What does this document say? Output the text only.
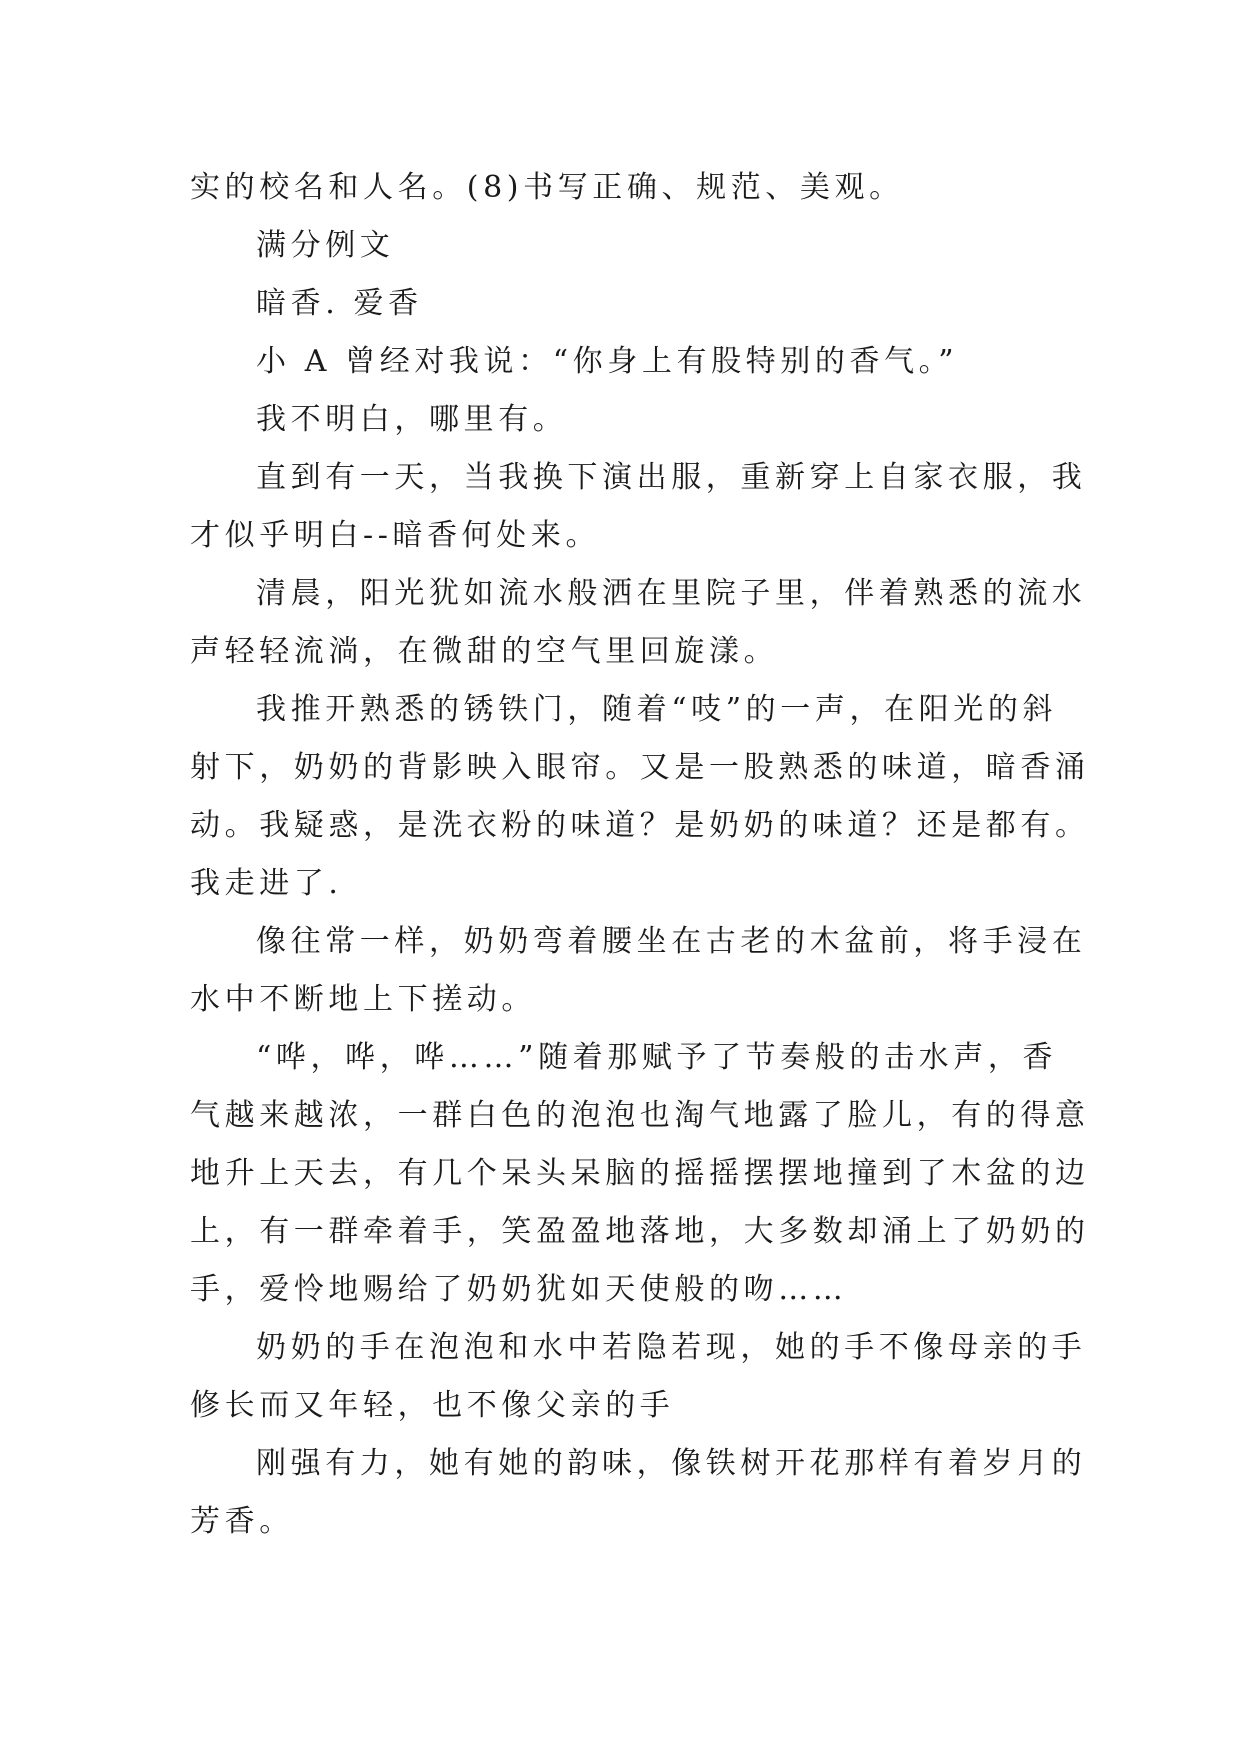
实的校名和人名。(8)书写正确、规范、美观。
满分例文
暗香. 爱香
小 A 曾经对我说：“你身上有股特别的香气。”
我不明白，哪里有。
直到有一天，当我换下演出服，重新穿上自家衣服，我
才似乎明白--暗香何处来。
清晨，阳光犹如流水般洒在里院子里，伴着熟悉的流水
声轻轻流淌，在微甜的空气里回旋漾。
我推开熟悉的锈铁门，随着“吱”的一声，在阳光的斜
射下，奶奶的背影映入眼帘。又是一股熟悉的味道，暗香涌
动。我疑惑，是洗衣粉的味道？是奶奶的味道？还是都有。
我走进了.
像往常一样，奶奶弯着腰坐在古老的木盆前，将手浸在
水中不断地上下搓动。
“哗，哗，哗……”随着那赋予了节奏般的击水声，香
气越来越浓，一群白色的泡泡也淘气地露了脸儿，有的得意
地升上天去，有几个呆头呆脑的摇摇摆摆地撞到了木盆的边
上，有一群牵着手，笑盈盈地落地，大多数却涌上了奶奶的
手，爱怜地赐给了奶奶犹如天使般的吻……
奶奶的手在泡泡和水中若隐若现，她的手不像母亲的手
修长而又年轻，也不像父亲的手
刚强有力，她有她的韵味，像铁树开花那样有着岁月的
芳香。
